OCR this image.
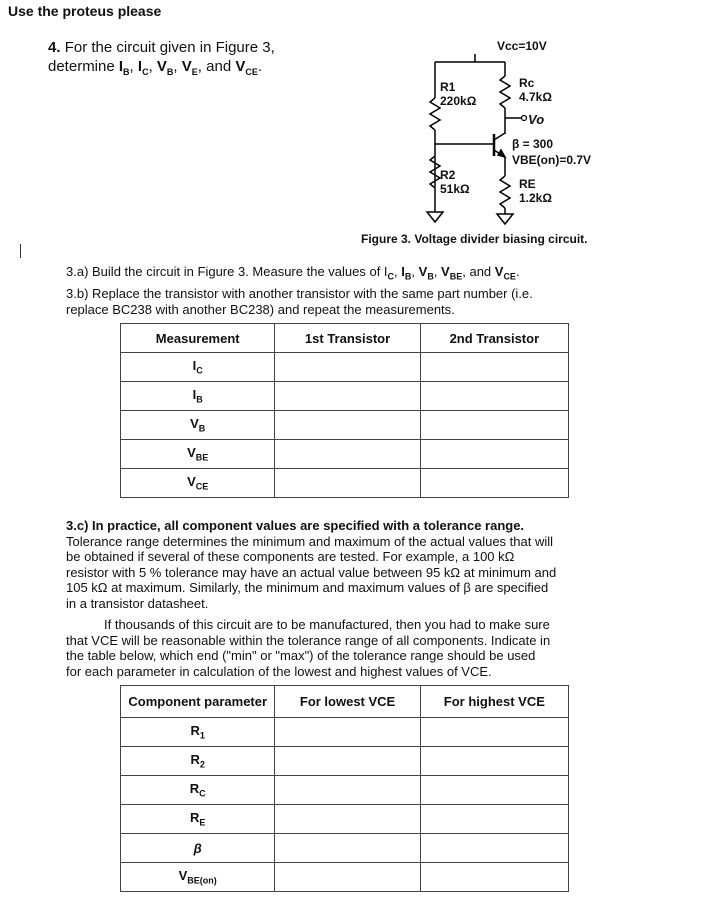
Use the proteus please
4. For the circuit given in Figure 3,
determine $I_B$, $I_C$, $V_B$, $V_E$, and $V_{CE}$.
Vcc=10V
R1
220kΩ
Rc
4.7kΩ
Vo
β = 300
VBE(on)=0.7V
R2
51kΩ	RE
1.2kΩ
Figure 3. Voltage divider biasing circuit.
3.a) Build the circuit in Figure 3. Measure the values of $I_C$, $I_B$, $V_B$, $V_{BE}$, and $V_{CE}$.
3.b) Replace the transistor with another transistor with the same part number (i.e.
replace BC238 with another BC238) and repeat the measurements.
Measurement	1st Transistor	2nd Transistor
$I_C$		
$I_B$		
$V_B$		
$V_{BE}$		
$V_{CE}$		
3.c) In practice, all component values are specified with a tolerance range.
Tolerance range determines the minimum and maximum of the actual values that will
be obtained if several of these components are tested. For example, a 100 kΩ
resistor with 5 % tolerance may have an actual value between 95 kΩ at minimum and
105 kΩ at maximum. Similarly, the minimum and maximum values of β are specified
in a transistor datasheet.
If thousands of this circuit are to be manufactured, then you had to make sure
that VCE will be reasonable within the tolerance range of all components. Indicate in
the table below, which end ("min" or "max") of the tolerance range should be used
for each parameter in calculation of the lowest and highest values of VCE.
Component parameter	For lowest VCE	For highest VCE
$R_1$		
$R_2$		
$R_C$		
$R_E$		
β		
$V_{BE(on)}$		
